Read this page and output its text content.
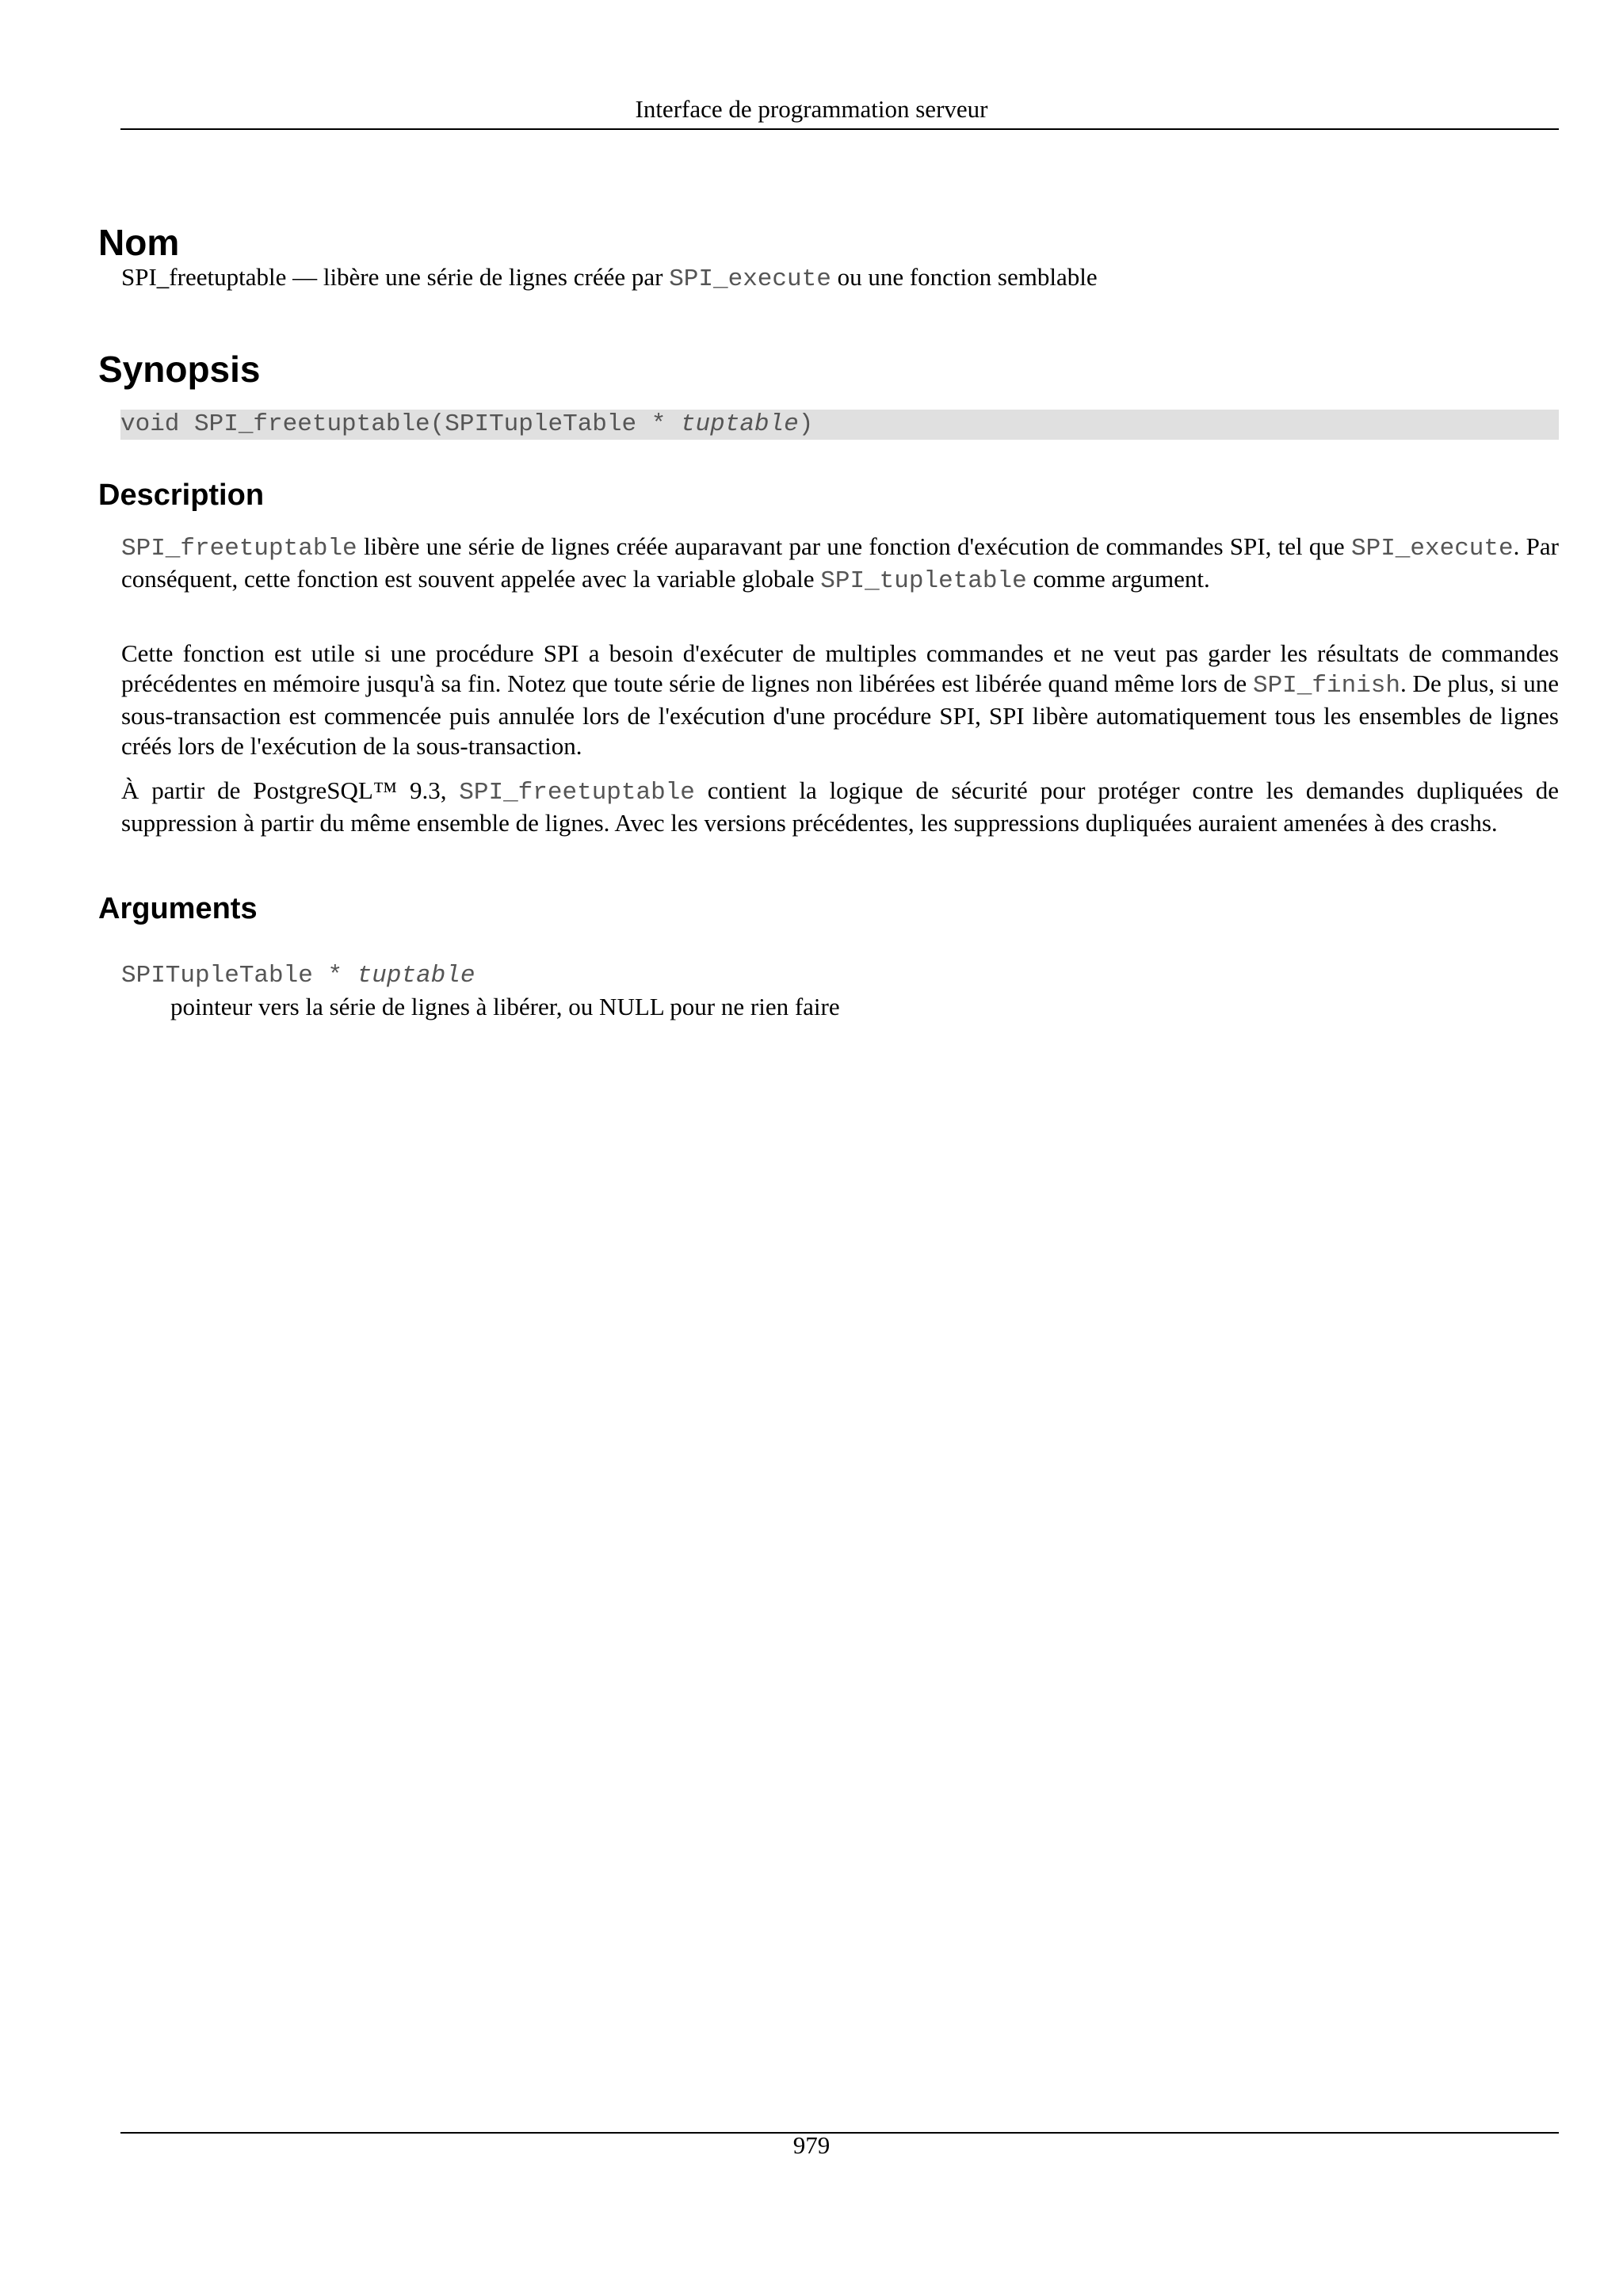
Interface de programmation serveur
Nom

SPI_freetuptable — libère une série de lignes créée par SPI_execute ou une fonction semblable

Synopsis
void SPI_freetuptable(SPITupleTable * tuptable)
Description

SPI_freetuptable libère une série de lignes créée auparavant par une fonction d'exécution de commandes SPI, tel que SPI_execute. Par conséquent, cette fonction est souvent appelée avec la variable globale SPI_tupletable comme argument.

Cette fonction est utile si une procédure SPI a besoin d'exécuter de multiples commandes et ne veut pas garder les résultats de commandes précédentes en mémoire jusqu'à sa fin. Notez que toute série de lignes non libérées est libérée quand même lors de SPI_finish. De plus, si une sous-transaction est commencée puis annulée lors de l'exécution d'une procédure SPI, SPI libère automatiquement tous les ensembles de lignes créés lors de l'exécution de la sous-transaction.

À partir de PostgreSQL™ 9.3, SPI_freetuptable contient la logique de sécurité pour protéger contre les demandes dupliquées de suppression à partir du même ensemble de lignes. Avec les versions précédentes, les suppressions dupliquées auraient amenées à des crashs.

Arguments
SPITupleTable * tuptable
pointeur vers la série de lignes à libérer, ou NULL pour ne rien faire
979
